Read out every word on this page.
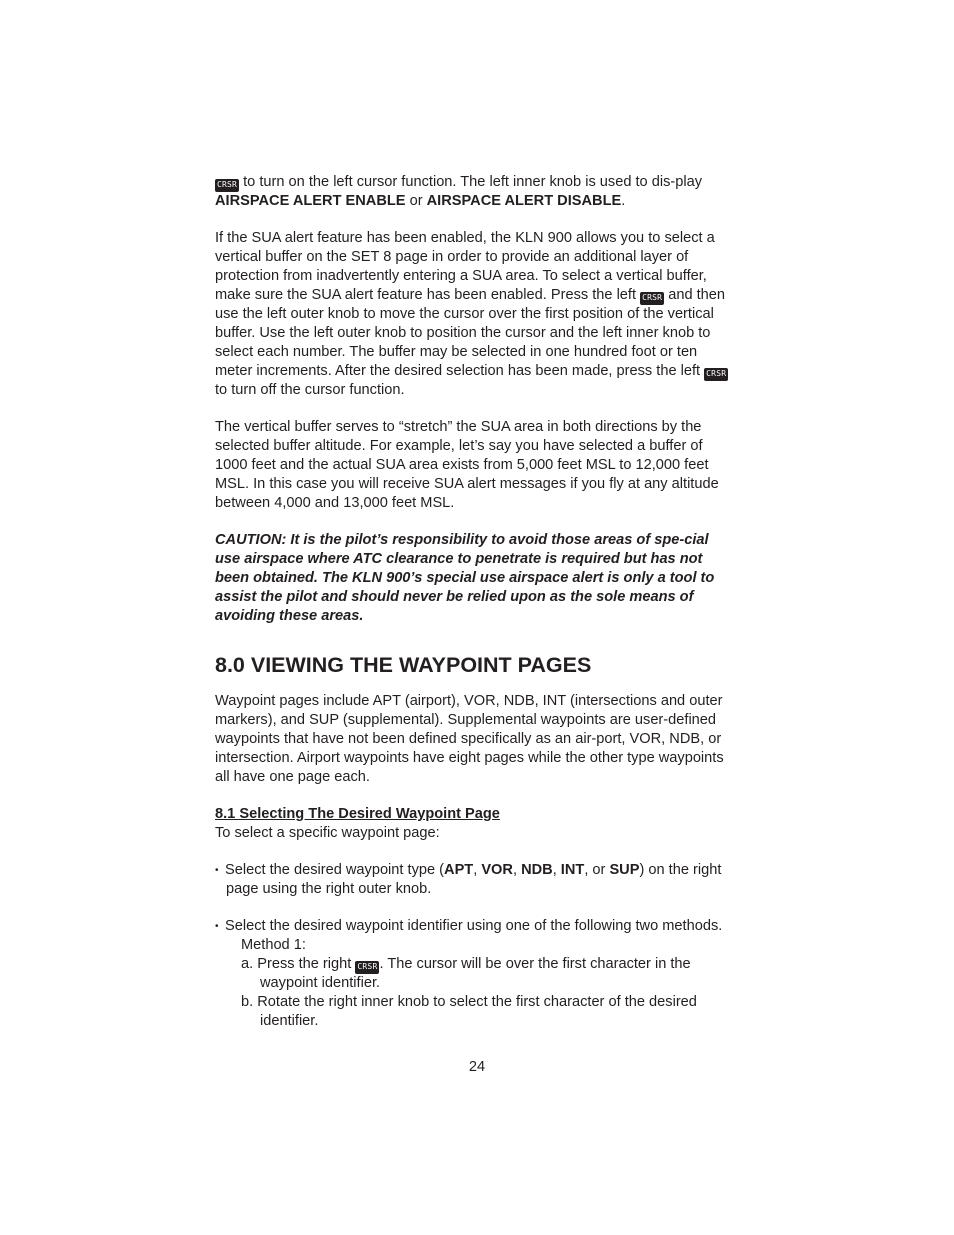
CRSR to turn on the left cursor function. The left inner knob is used to dis-play AIRSPACE ALERT ENABLE or AIRSPACE ALERT DISABLE.

If the SUA alert feature has been enabled, the KLN 900 allows you to select a vertical buffer on the SET 8 page in order to provide an additional layer of protection from inadvertently entering a SUA area. To select a vertical buffer, make sure the SUA alert feature has been enabled. Press the left CRSR and then use the left outer knob to move the cursor over the first position of the vertical buffer. Use the left outer knob to position the cursor and the left inner knob to select each number. The buffer may be selected in one hundred foot or ten meter increments. After the desired selection has been made, press the left CRSR to turn off the cursor function.

The vertical buffer serves to “stretch” the SUA area in both directions by the selected buffer altitude. For example, let’s say you have selected a buffer of 1000 feet and the actual SUA area exists from 5,000 feet MSL to 12,000 feet MSL. In this case you will receive SUA alert messages if you fly at any altitude between 4,000 and 13,000 feet MSL.

CAUTION: It is the pilot’s responsibility to avoid those areas of spe-cial use airspace where ATC clearance to penetrate is required but has not been obtained. The KLN 900’s special use airspace alert is only a tool to assist the pilot and should never be relied upon as the sole means of avoiding these areas.

8.0 VIEWING THE WAYPOINT PAGES

Waypoint pages include APT (airport), VOR, NDB, INT (intersections and outer markers), and SUP (supplemental). Supplemental waypoints are user-defined waypoints that have not been defined specifically as an air-port, VOR, NDB, or intersection. Airport waypoints have eight pages while the other type waypoints all have one page each.

8.1 Selecting The Desired Waypoint Page

To select a specific waypoint page:

• Select the desired waypoint type (APT, VOR, NDB, INT, or SUP) on the right page using the right outer knob.

• Select the desired waypoint identifier using one of the following two methods.

Method 1:

a. Press the right CRSR . The cursor will be over the first character in the waypoint identifier.

b. Rotate the right inner knob to select the first character of the desired identifier.

24
